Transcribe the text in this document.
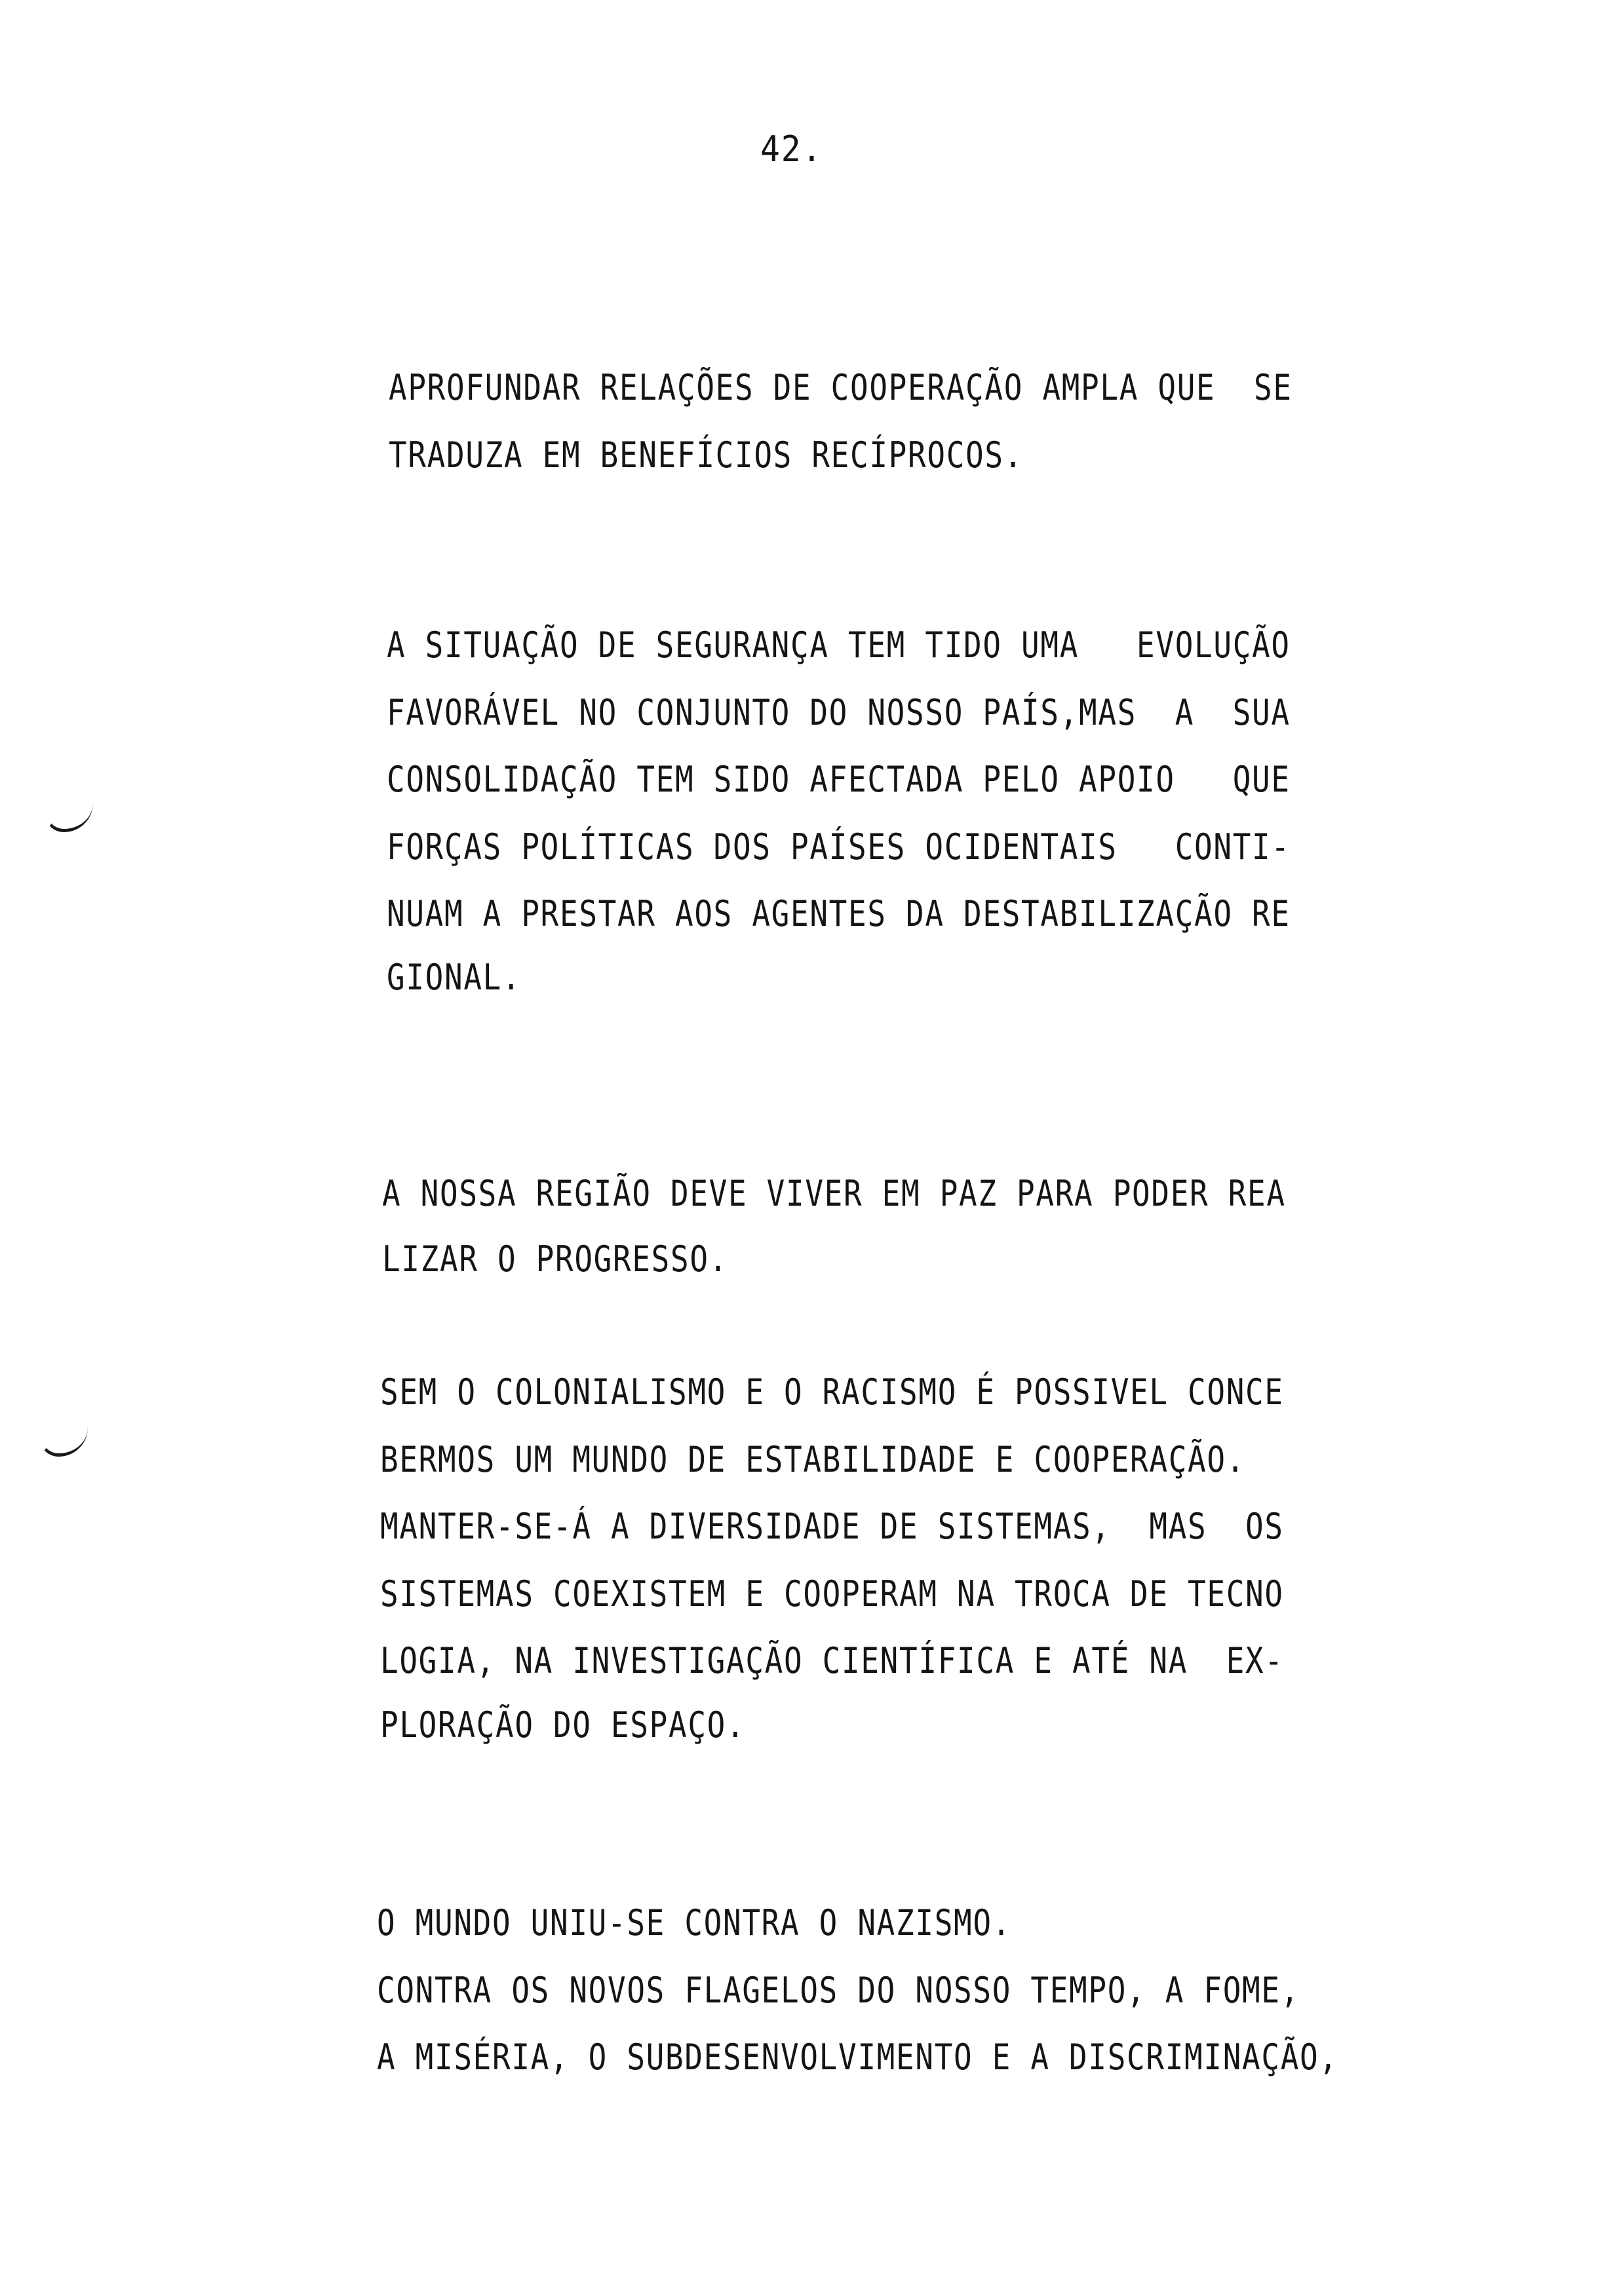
42.
APROFUNDAR RELAÇÕES DE COOPERAÇÃO AMPLA QUE  SE
TRADUZA EM BENEFÍCIOS RECÍPROCOS.
A SITUAÇÃO DE SEGURANÇA TEM TIDO UMA   EVOLUÇÃO
FAVORÁVEL NO CONJUNTO DO NOSSO PAÍS,MAS  A  SUA
CONSOLIDAÇÃO TEM SIDO AFECTADA PELO APOIO   QUE
FORÇAS POLÍTICAS DOS PAÍSES OCIDENTAIS   CONTI-
NUAM A PRESTAR AOS AGENTES DA DESTABILIZAÇÃO RE
GIONAL.
A NOSSA REGIÃO DEVE VIVER EM PAZ PARA PODER REA
LIZAR O PROGRESSO.
SEM O COLONIALISMO E O RACISMO É POSSIVEL CONCE
BERMOS UM MUNDO DE ESTABILIDADE E COOPERAÇÃO.
MANTER-SE-Á A DIVERSIDADE DE SISTEMAS,  MAS  OS
SISTEMAS COEXISTEM E COOPERAM NA TROCA DE TECNO
LOGIA, NA INVESTIGAÇÃO CIENTÍFICA E ATÉ NA  EX-
PLORAÇÃO DO ESPAÇO.
O MUNDO UNIU-SE CONTRA O NAZISMO.
CONTRA OS NOVOS FLAGELOS DO NOSSO TEMPO, A FOME,
A MISÉRIA, O SUBDESENVOLVIMENTO E A DISCRIMINAÇÃO,
